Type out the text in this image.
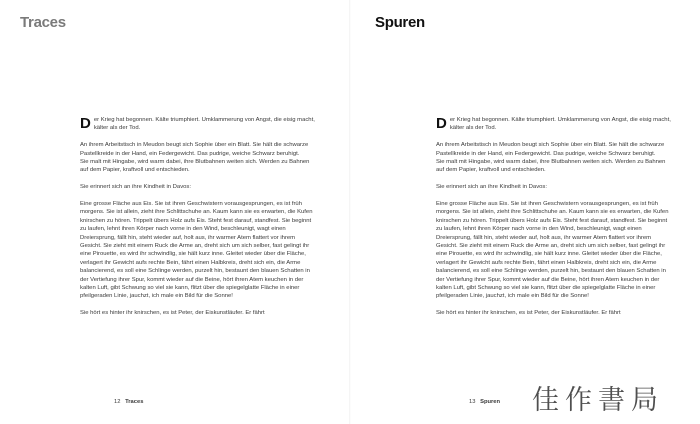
Traces

Der Krieg hat begonnen. Kälte triumphiert. Umklammerung von Angst, die eisig macht, kälter als der Tod.

An ihrem Arbeitstisch in Meudon beugt sich Sophie über ein Blatt. Sie hält die schwarze Pastellkreide in der Hand, ein Federgewicht. Das pudrige, weiche Schwarz beruhigt.

Sie malt mit Hingabe, wird warm dabei, ihre Blutbahnen weiten sich. Werden zu Bahnen auf dem Papier, kraftvoll und entschieden.

Sie erinnert sich an ihre Kindheit in Davos:

Eine grosse Fläche aus Eis. Sie ist ihren Geschwistern vorausgesprungen, es ist früh morgens. Sie ist allein, zieht ihre Schlittschuhe an. Kaum kann sie es erwarten, die Kufen knirschen zu hören. Trippelt übers Holz aufs Eis. Steht fest darauf, standfest. Sie beginnt zu laufen, lehnt ihren Körper nach vorne in den Wind, beschleunigt, wagt einen Dreiersprung, fällt hin, steht wieder auf, holt aus, ihr warmer Atem flattert vor ihrem Gesicht. Sie zieht mit einem Ruck die Arme an, dreht sich um sich selber, fast gelingt ihr eine Pirouette, es wird ihr schwindlig, sie hält kurz inne. Gleitet wieder über die Fläche, verlagert ihr Gewicht aufs rechte Bein, fährt einen Halbkreis, dreht sich ein, die Arme balancierend, es soll eine Schlinge werden, purzelt hin, bestaunt den blauen Schatten in der Vertiefung ihrer Spur, kommt wieder auf die Beine, hört ihren Atem keuchen in der kalten Luft, gibt Schwung so viel sie kann, flitzt über die spiegelglatte Fläche in einer pfeilgeraden Linie, jauchzt, ich male ein Bild für die Sonne!

Sie hört es hinter ihr knirschen, es ist Peter, der Eiskunstläufer. Er fährt

12 Traces
Spuren

Der Krieg hat begonnen. Kälte triumphiert. Umklammerung von Angst, die eisig macht, kälter als der Tod.

An ihrem Arbeitstisch in Meudon beugt sich Sophie über ein Blatt. Sie hält die schwarze Pastellkreide in der Hand, ein Federgewicht. Das pudrige, weiche Schwarz beruhigt.

Sie malt mit Hingabe, wird warm dabei, ihre Blutbahnen weiten sich. Werden zu Bahnen auf dem Papier, kraftvoll und entschieden.

Sie erinnert sich an ihre Kindheit in Davos:

Eine grosse Fläche aus Eis. Sie ist ihren Geschwistern vorausgesprungen, es ist früh morgens. Sie ist allein, zieht ihre Schlittschuhe an. Kaum kann sie es erwarten, die Kufen knirschen zu hören. Trippelt übers Holz aufs Eis. Steht fest darauf, standfest. Sie beginnt zu laufen, lehnt ihren Körper nach vorne in den Wind, beschleunigt, wagt einen Dreiersprung, fällt hin, steht wieder auf, holt aus, ihr warmer Atem flattert vor ihrem Gesicht. Sie zieht mit einem Ruck die Arme an, dreht sich um sich selber, fast gelingt ihr eine Pirouette, es wird ihr schwindlig, sie hält kurz inne. Gleitet wieder über die Fläche, verlagert ihr Gewicht aufs rechte Bein, fährt einen Halbkreis, dreht sich ein, die Arme balancierend, es soll eine Schlinge werden, purzelt hin, bestaunt den blauen Schatten in der Vertiefung ihrer Spur, kommt wieder auf die Beine, hört ihren Atem keuchen in der kalten Luft, gibt Schwung so viel sie kann, flitzt über die spiegelglatte Fläche in einer pfeilgeraden Linie, jauchzt, ich male ein Bild für die Sonne!

Sie hört es hinter ihr knirschen, es ist Peter, der Eiskunstläufer. Er fährt

13 Spuren 佳作書局
